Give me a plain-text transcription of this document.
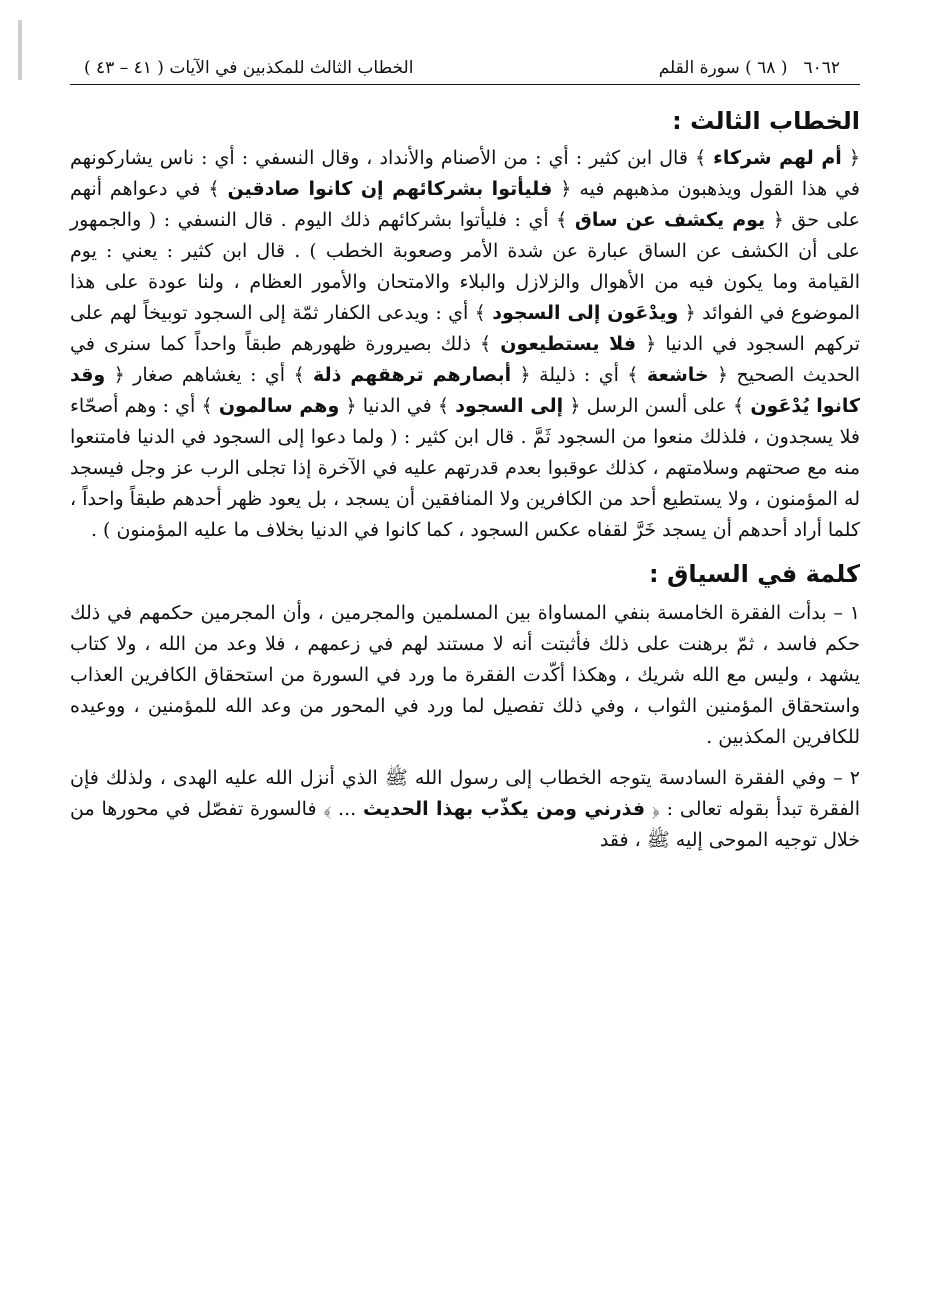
٦٠٦٢
( ٦٨ ) سورة القلم
الخطاب الثالث للمكذبين في الآيات ( ٤١ – ٤٣ )
الخطاب الثالث :

﴿ أم لهم شركاء ﴾ قال ابن كثير : أي : من الأصنام والأنداد ، وقال النسفي : أي : ناس يشاركونهم في هذا القول ويذهبون مذهبهم فيه ﴿ فليأتوا بشركائهم إن كانوا صادقين ﴾ في دعواهم أنهم على حق ﴿ يوم يكشف عن ساق ﴾ أي : فليأتوا بشركائهم ذلك اليوم . قال النسفي : ( والجمهور على أن الكشف عن الساق عبارة عن شدة الأمر وصعوبة الخطب ) . قال ابن كثير : يعني : يوم القيامة وما يكون فيه من الأهوال والزلازل والبلاء والامتحان والأمور العظام ، ولنا عودة على هذا الموضوع في الفوائد ﴿ ويدْعَون إلى السجود ﴾ أي : ويدعى الكفار ثمّة إلى السجود توبيخاً لهم على تركهم السجود في الدنيا ﴿ فلا يستطيعون ﴾ ذلك بصيرورة ظهورهم طبقاً واحداً كما سنرى في الحديث الصحيح ﴿ خاشعة ﴾ أي : ذليلة ﴿ أبصارهم ترهقهم ذلة ﴾ أي : يغشاهم صغار ﴿ وقد كانوا يُدْعَون ﴾ على ألسن الرسل ﴿ إلى السجود ﴾ في الدنيا ﴿ وهم سالمون ﴾ أي : وهم أصحّاء فلا يسجدون ، فلذلك منعوا من السجود ثَمَّ . قال ابن كثير : ( ولما دعوا إلى السجود في الدنيا فامتنعوا منه مع صحتهم وسلامتهم ، كذلك عوقبوا بعدم قدرتهم عليه في الآخرة إذا تجلى الرب عز وجل فيسجد له المؤمنون ، ولا يستطيع أحد من الكافرين ولا المنافقين أن يسجد ، بل يعود ظهر أحدهم طبقاً واحداً ، كلما أراد أحدهم أن يسجد خَرَّ لقفاه عكس السجود ، كما كانوا في الدنيا بخلاف ما عليه المؤمنون ) .

كلمة في السياق :

١ – بدأت الفقرة الخامسة بنفي المساواة بين المسلمين والمجرمين ، وأن المجرمين حكمهم في ذلك حكم فاسد ، ثمّ برهنت على ذلك فأثبتت أنه لا مستند لهم في زعمهم ، فلا وعد من الله ، ولا كتاب يشهد ، وليس مع الله شريك ، وهكذا أكّدت الفقرة ما ورد في السورة من استحقاق الكافرين العذاب واستحقاق المؤمنين الثواب ، وفي ذلك تفصيل لما ورد في المحور من وعد الله للمؤمنين ، ووعيده للكافرين المكذبين .

٢ – وفي الفقرة السادسة يتوجه الخطاب إلى رسول الله ﷺ الذي أنزل الله عليه الهدى ، ولذلك فإن الفقرة تبدأ بقوله تعالى : ﴿ فذرني ومن يكذّب بهذا الحديث ... ﴾ فالسورة تفصّل في محورها من خلال توجيه الموحى إليه ﷺ ، فقد
